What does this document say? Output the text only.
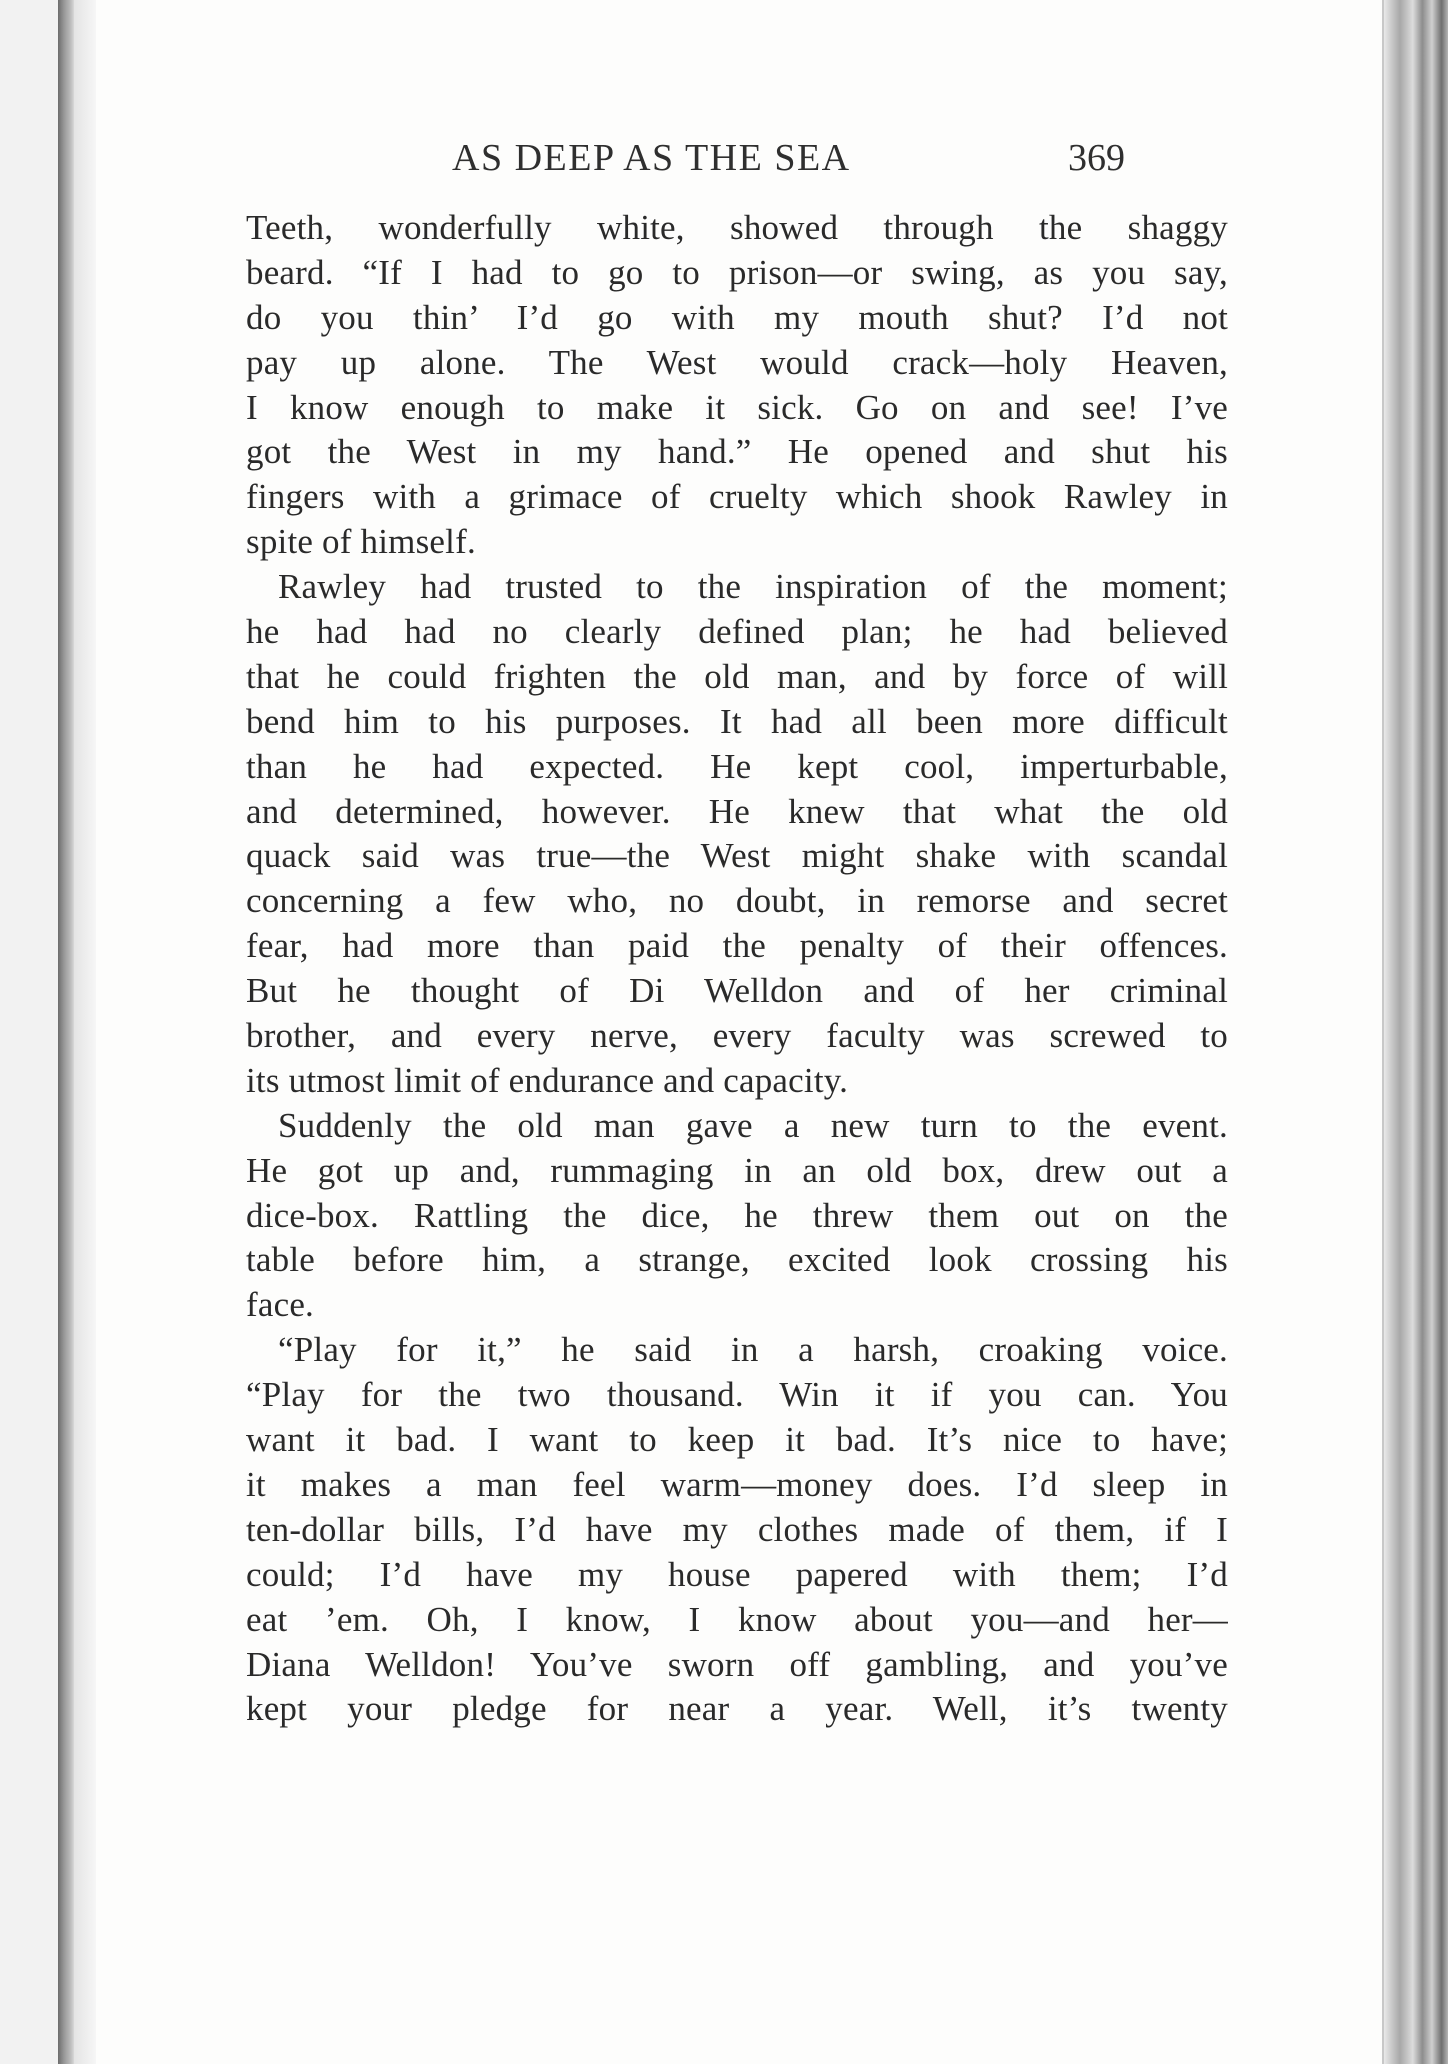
AS DEEP AS THE SEA	369
Teeth, wonderfully white, showed through the shaggy
beard. “If I had to go to prison—or swing, as you say,
do you thin’ I’d go with my mouth shut? I’d not
pay up alone. The West would crack—holy Heaven,
I know enough to make it sick. Go on and see! I’ve
got the West in my hand.” He opened and shut his
fingers with a grimace of cruelty which shook Rawley in
spite of himself.
Rawley had trusted to the inspiration of the moment;
he had had no clearly defined plan; he had believed
that he could frighten the old man, and by force of will
bend him to his purposes. It had all been more difficult
than he had expected. He kept cool, imperturbable,
and determined, however. He knew that what the old
quack said was true—the West might shake with scandal
concerning a few who, no doubt, in remorse and secret
fear, had more than paid the penalty of their offences.
But he thought of Di Welldon and of her criminal
brother, and every nerve, every faculty was screwed to
its utmost limit of endurance and capacity.
Suddenly the old man gave a new turn to the event.
He got up and, rummaging in an old box, drew out a
dice-box. Rattling the dice, he threw them out on the
table before him, a strange, excited look crossing his
face.
“Play for it,” he said in a harsh, croaking voice.
“Play for the two thousand. Win it if you can. You
want it bad. I want to keep it bad. It’s nice to have;
it makes a man feel warm—money does. I’d sleep in
ten-dollar bills, I’d have my clothes made of them, if I
could; I’d have my house papered with them; I’d
eat ’em. Oh, I know, I know about you—and her—
Diana Welldon! You’ve sworn off gambling, and you’ve
kept your pledge for near a year. Well, it’s twenty
